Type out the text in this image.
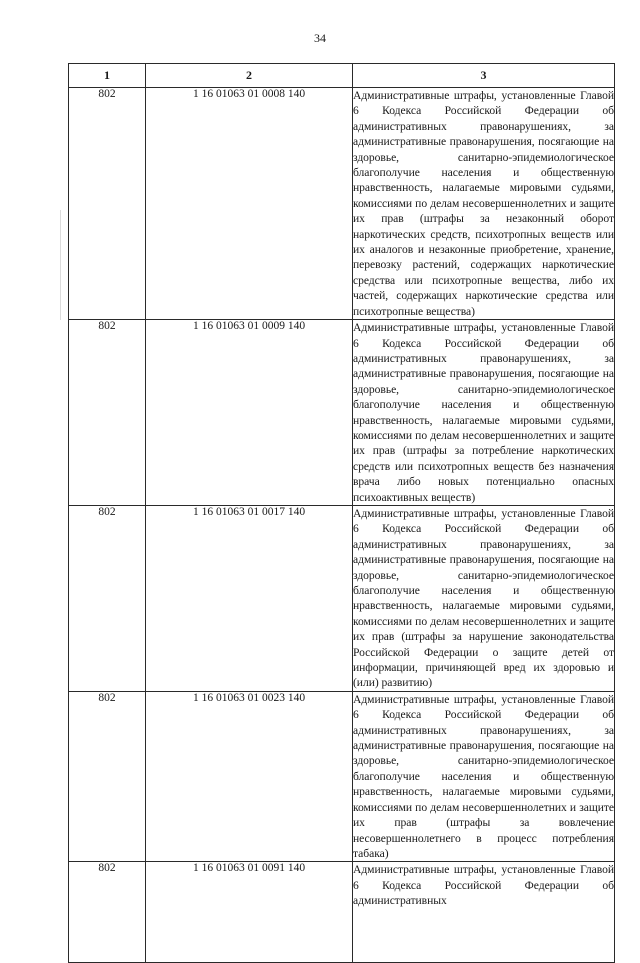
34
1	2	3
802	1 16 01063 01 0008 140	Административные штрафы, установленные Главой 6 Кодекса Российской Федерации об административных правонарушениях, за административные правонарушения, посягающие на здоровье, санитарно-эпидемиологическое благополучие населения и общественную нравственность, налагаемые мировыми судьями, комиссиями по делам несовершеннолетних и защите их прав (штрафы за незаконный оборот наркотических средств, психотропных веществ или их аналогов и незаконные приобретение, хранение, перевозку растений, содержащих наркотические средства или психотропные вещества, либо их частей, содержащих наркотические средства или психотропные вещества)
802	1 16 01063 01 0009 140	Административные штрафы, установленные Главой 6 Кодекса Российской Федерации об административных правонарушениях, за административные правонарушения, посягающие на здоровье, санитарно-эпидемиологическое благополучие населения и общественную нравственность, налагаемые мировыми судьями, комиссиями по делам несовершеннолетних и защите их прав (штрафы за потребление наркотических средств или психотропных веществ без назначения врача либо новых потенциально опасных психоактивных веществ)
802	1 16 01063 01 0017 140	Административные штрафы, установленные Главой 6 Кодекса Российской Федерации об административных правонарушениях, за административные правонарушения, посягающие на здоровье, санитарно-эпидемиологическое благополучие населения и общественную нравственность, налагаемые мировыми судьями, комиссиями по делам несовершеннолетних и защите их прав (штрафы за нарушение законодательства Российской Федерации о защите детей от информации, причиняющей вред их здоровью и (или) развитию)
802	1 16 01063 01 0023 140	Административные штрафы, установленные Главой 6 Кодекса Российской Федерации об административных правонарушениях, за административные правонарушения, посягающие на здоровье, санитарно-эпидемиологическое благополучие населения и общественную нравственность, налагаемые мировыми судьями, комиссиями по делам несовершеннолетних и защите их прав (штрафы за вовлечение несовершеннолетнего в процесс потребления табака)
802	1 16 01063 01 0091 140	Административные штрафы, установленные Главой 6 Кодекса Российской Федерации об административных
